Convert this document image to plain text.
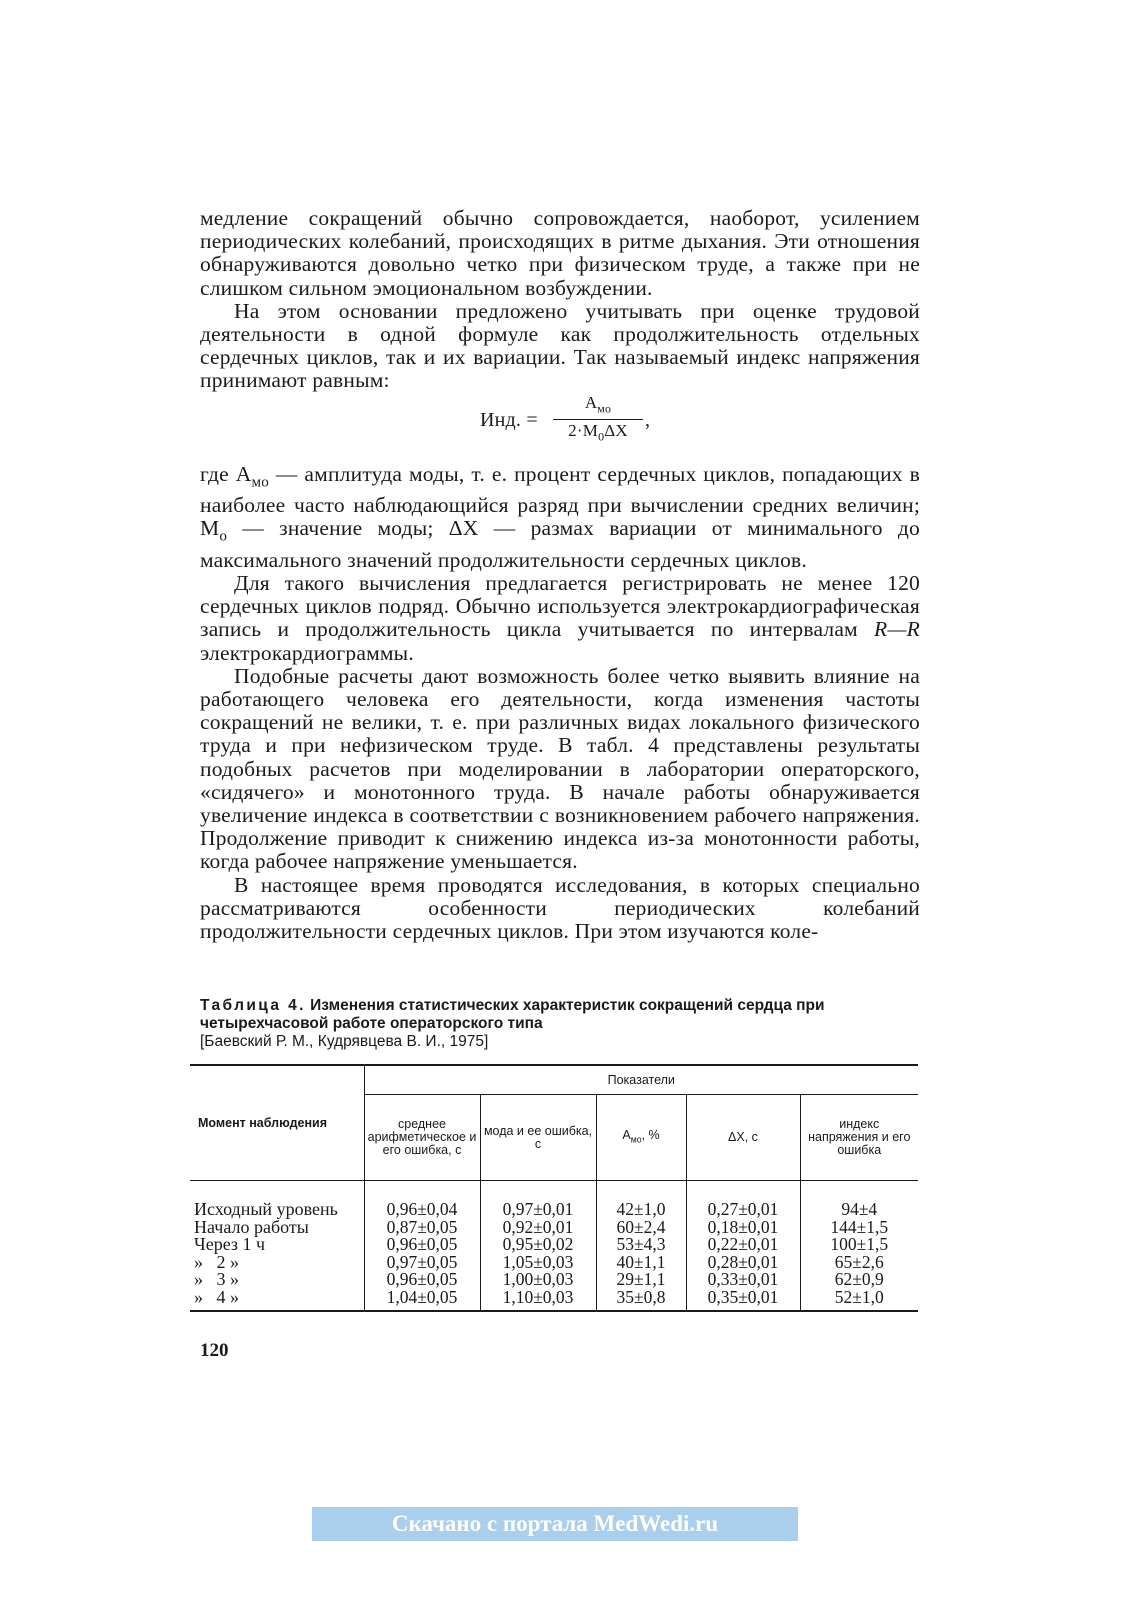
медление сокращений обычно сопровождается, наоборот, усилением периодических колебаний, происходящих в ритме дыхания. Эти отношения обнаруживаются довольно четко при физическом труде, а также при не слишком сильном эмоциональном возбуждении.

На этом основании предложено учитывать при оценке трудовой деятельности в одной формуле как продолжительность отдельных сердечных циклов, так и их вариации. Так называемый индекс напряжения принимают равным:

Инд. =
$А_{мо}$
$2\cdot М_0\Delta Х$ ,

где $А_{мо}$ — амплитуда моды, т. е. процент сердечных циклов, попадающих в наиболее часто наблюдающийся разряд при вычислении средних величин; $М_о$ — значение моды; ΔХ — размах вариации от минимального до максимального значений продолжительности сердечных циклов.

Для такого вычисления предлагается регистрировать не менее 120 сердечных циклов подряд. Обычно используется электрокардиографическая запись и продолжительность цикла учитывается по интервалам R—R электрокардиограммы.

Подобные расчеты дают возможность более четко выявить влияние на работающего человека его деятельности, когда изменения частоты сокращений не велики, т. е. при различных видах локального физического труда и при нефизическом труде. В табл. 4 представлены результаты подобных расчетов при моделировании в лаборатории операторского, «сидячего» и монотонного труда. В начале работы обнаруживается увеличение индекса в соответствии с возникновением рабочего напряжения. Продолжение приводит к снижению индекса из-за монотонности работы, когда рабочее напряжение уменьшается.

В настоящее время проводятся исследования, в которых специально рассматриваются особенности периодических колебаний продолжительности сердечных циклов. При этом изучаются коле-

Таблица 4. Изменения статистических характеристик сокращений сердца при четырехчасовой работе операторского типа
[Баевский Р. М., Кудрявцева В. И., 1975]
Момент наблюдения	Показатели				
	среднее арифметическое и его ошибка, с	мода и ее ошибка, с	$А_{мо}$, %	ΔХ, с	индекс напряжения и его ошибка
Исходный уровень	0,96±0,04	0,97±0,01	42±1,0	0,27±0,01	94±4
Начало работы	0,87±0,05	0,92±0,01	60±2,4	0,18±0,01	144±1,5
Через 1 ч	0,96±0,05	0,95±0,02	53±4,3	0,22±0,01	100±1,5
»   2 »	0,97±0,05	1,05±0,03	40±1,1	0,28±0,01	65±2,6
»   3 »	0,96±0,05	1,00±0,03	29±1,1	0,33±0,01	62±0,9
»   4 »	1,04±0,05	1,10±0,03	35±0,8	0,35±0,01	52±1,0
120
Скачано с портала MedWedi.ru
